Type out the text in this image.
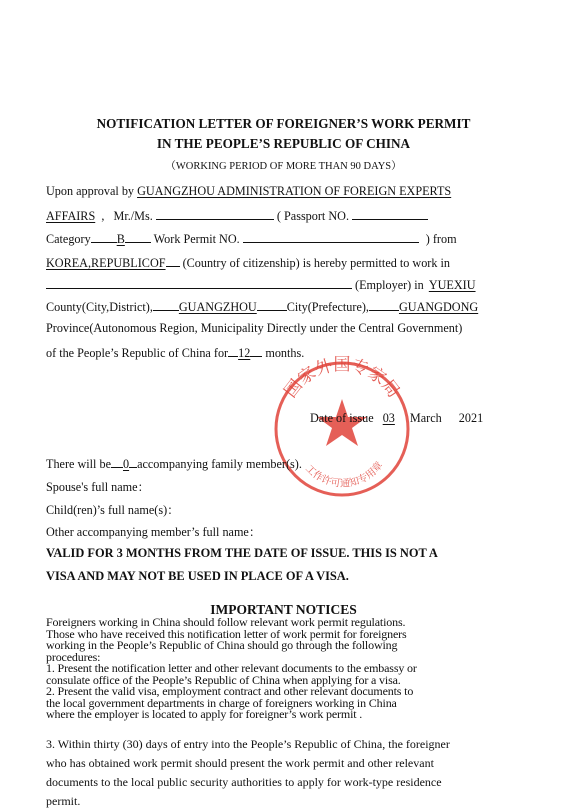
NOTIFICATION LETTER OF FOREIGNER’S WORK PERMIT
IN THE PEOPLE’S REPUBLIC OF CHINA
（WORKING PERIOD OF MORE THAN 90 DAYS）
Upon approval by GUANGZHOU ADMINISTRATION OF FOREIGN EXPERTS
AFFAIRS  ,   Mr./Ms.	( Passport NO.
Category B Work Permit NO.	) from
KOREA,REPUBLICOF (Country of citizenship) is hereby permitted to work in
(Employer) in YUEXIU
County(City,District), GUANGZHOU City(Prefecture), GUANGDONG
Province(Autonomous Region, Municipality Directly under the Central Government)
of the People’s Republic of China for 12 months.
国家外国专家局
工作许可通知专用章
Date of issue 03 March 2021
There will be 0 accompanying family member(s).
Spouse's full name：
Child(ren)’s full name(s)：
Other accompanying member’s full name：
VALID FOR 3 MONTHS FROM THE DATE OF ISSUE. THIS IS NOT A
VISA AND MAY NOT BE USED IN PLACE OF A VISA.
IMPORTANT NOTICES
Foreigners working in China should follow relevant work permit regulations.
Those who have received this notification letter of work permit for foreigners
working in the People’s Republic of China should go through the following
procedures:
1. Present the notification letter and other relevant documents to the embassy or
consulate office of the People’s Republic of China when applying for a visa.
2. Present the valid visa, employment contract and other relevant documents to
the local government departments in charge of foreigners working in China
where the employer is located to apply for foreigner’s work permit .
3. Within thirty (30) days of entry into the People’s Republic of China, the foreigner
who has obtained work permit should present the work permit and other relevant
documents to the local public security authorities to apply for work-type residence
permit.
